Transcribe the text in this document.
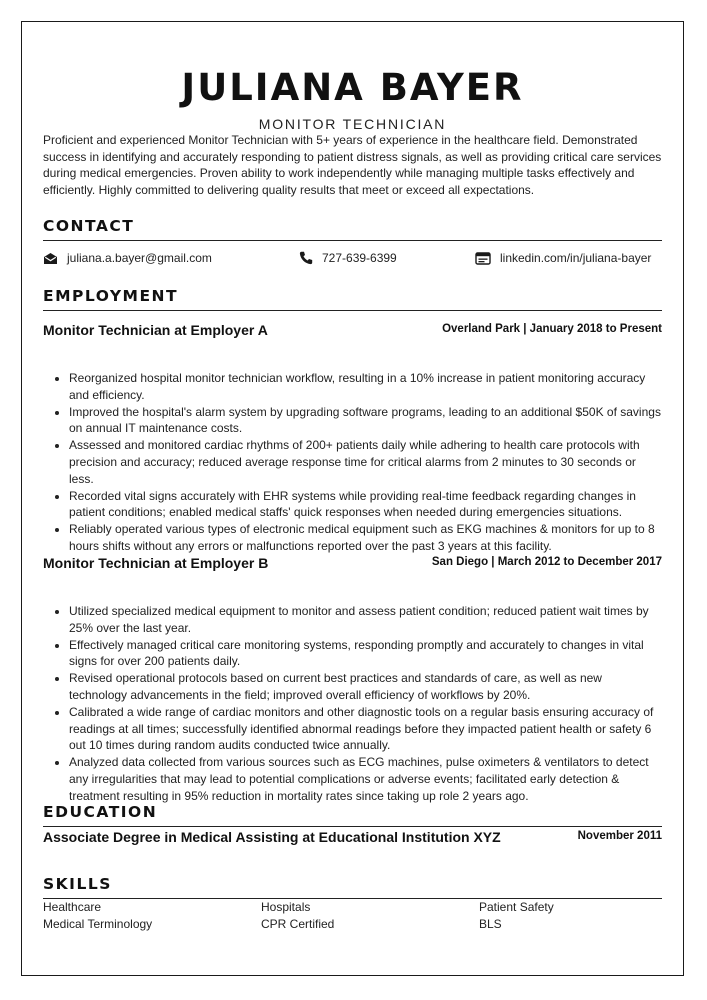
JULIANA BAYER
MONITOR TECHNICIAN
Proficient and experienced Monitor Technician with 5+ years of experience in the healthcare field. Demonstrated success in identifying and accurately responding to patient distress signals, as well as providing critical care services during medical emergencies. Proven ability to work independently while managing multiple tasks effectively and efficiently. Highly committed to delivering quality results that meet or exceed all expectations.
CONTACT
juliana.a.bayer@gmail.com	727-639-6399	linkedin.com/in/juliana-bayer
EMPLOYMENT
Monitor Technician at Employer A	Overland Park | January 2018 to Present
• Reorganized hospital monitor technician workflow, resulting in a 10% increase in patient monitoring accuracy and efficiency.
• Improved the hospital's alarm system by upgrading software programs, leading to an additional $50K of savings on annual IT maintenance costs.
• Assessed and monitored cardiac rhythms of 200+ patients daily while adhering to health care protocols with precision and accuracy; reduced average response time for critical alarms from 2 minutes to 30 seconds or less.
• Recorded vital signs accurately with EHR systems while providing real-time feedback regarding changes in patient conditions; enabled medical staffs' quick responses when needed during emergencies situations.
• Reliably operated various types of electronic medical equipment such as EKG machines & monitors for up to 8 hours shifts without any errors or malfunctions reported over the past 3 years at this facility.
Monitor Technician at Employer B	San Diego | March 2012 to December 2017
• Utilized specialized medical equipment to monitor and assess patient condition; reduced patient wait times by 25% over the last year.
• Effectively managed critical care monitoring systems, responding promptly and accurately to changes in vital signs for over 200 patients daily.
• Revised operational protocols based on current best practices and standards of care, as well as new technology advancements in the field; improved overall efficiency of workflows by 20%.
• Calibrated a wide range of cardiac monitors and other diagnostic tools on a regular basis ensuring accuracy of readings at all times; successfully identified abnormal readings before they impacted patient health or safety 6 out 10 times during random audits conducted twice annually.
• Analyzed data collected from various sources such as ECG machines, pulse oximeters & ventilators to detect any irregularities that may lead to potential complications or adverse events; facilitated early detection & treatment resulting in 95% reduction in mortality rates since taking up role 2 years ago.
EDUCATION
Associate Degree in Medical Assisting at Educational Institution XYZ	November 2011
SKILLS
Healthcare	Hospitals	Patient Safety
Medical Terminology	CPR Certified	BLS
